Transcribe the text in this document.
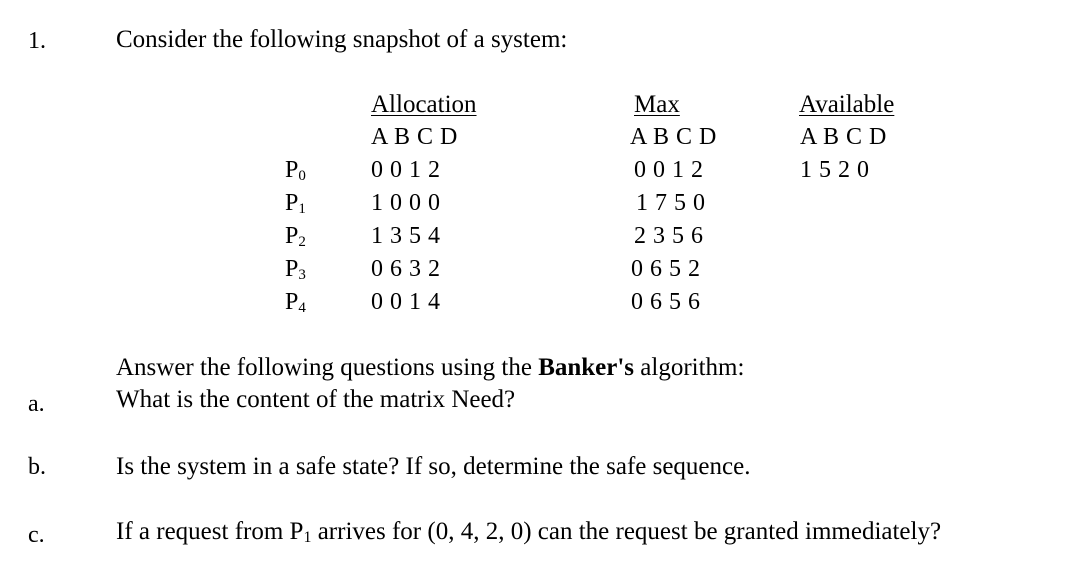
1.	Consider the following snapshot of a system:
Allocation	Max	Available
A B C D	A B C D	A B C D
$P_0$	0 0 1 2	0 0 1 2	1 5 2 0
$P_1$	1 0 0 0	1 7 5 0
$P_2$	1 3 5 4	2 3 5 6
$P_3$	0 6 3 2	0 6 5 2
$P_4$	0 0 1 4	0 6 5 6
Answer the following questions using the Banker's algorithm:
a.	What is the content of the matrix Need?
b.	Is the system in a safe state? If so, determine the safe sequence.
c.	If a request from $P_1$ arrives for (0, 4, 2, 0) can the request be granted immediately?
